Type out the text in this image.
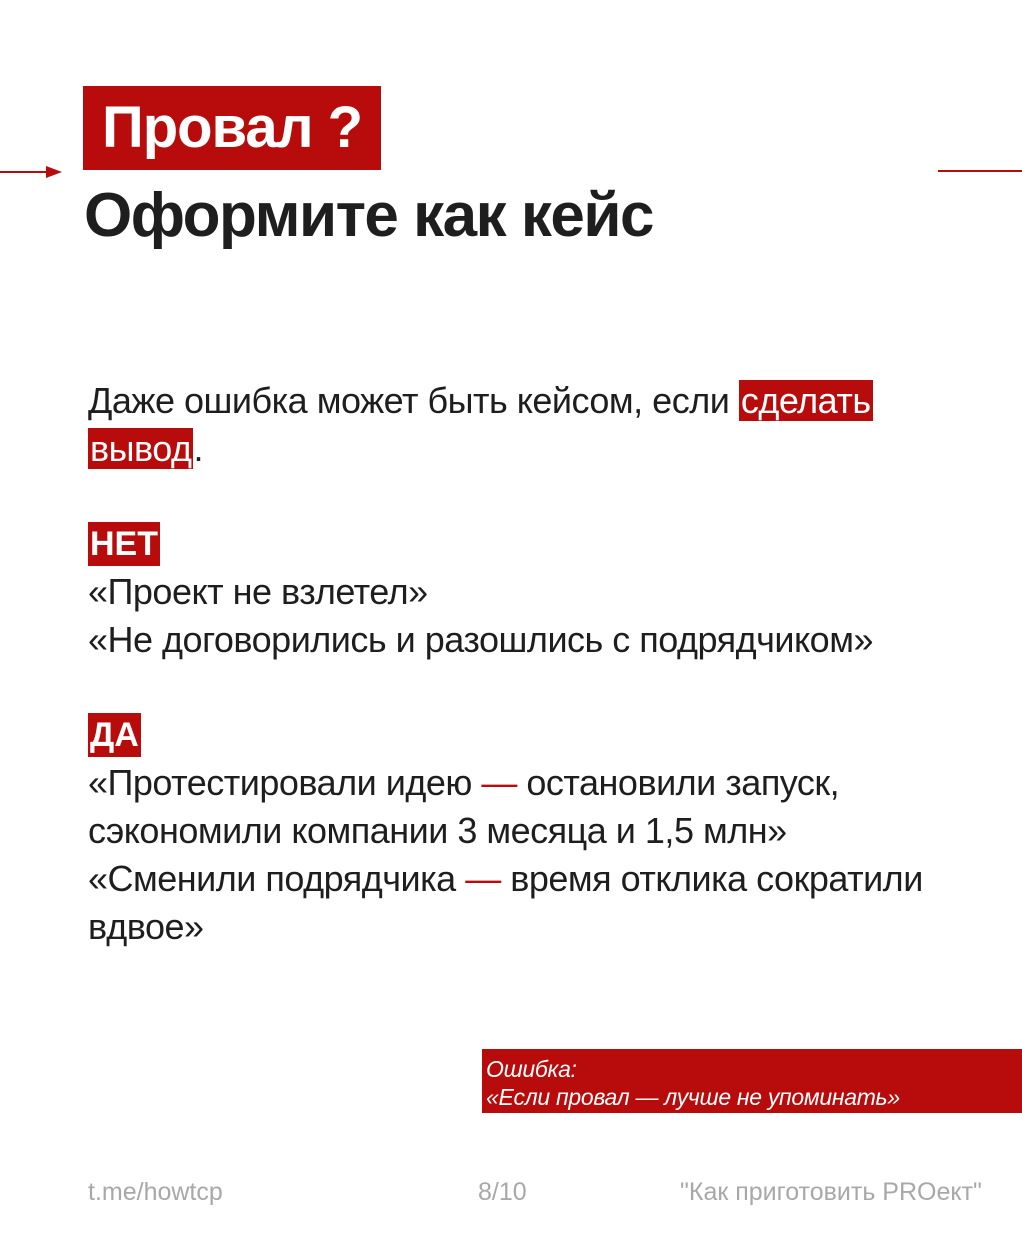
Провал ?
Оформите как кейс
Даже ошибка может быть кейсом, если сделать
вывод.
НЕТ
«Проект не взлетел»
«Не договорились и разошлись с подрядчиком»
ДА
«Протестировали идею — остановили запуск,
сэкономили компании 3 месяца и 1,5 млн»
«Сменили подрядчика — время отклика сократили
вдвое»
Ошибка:
«Если провал — лучше не упоминать»
t.me/howtcp	8/10	"Как приготовить PROект"
